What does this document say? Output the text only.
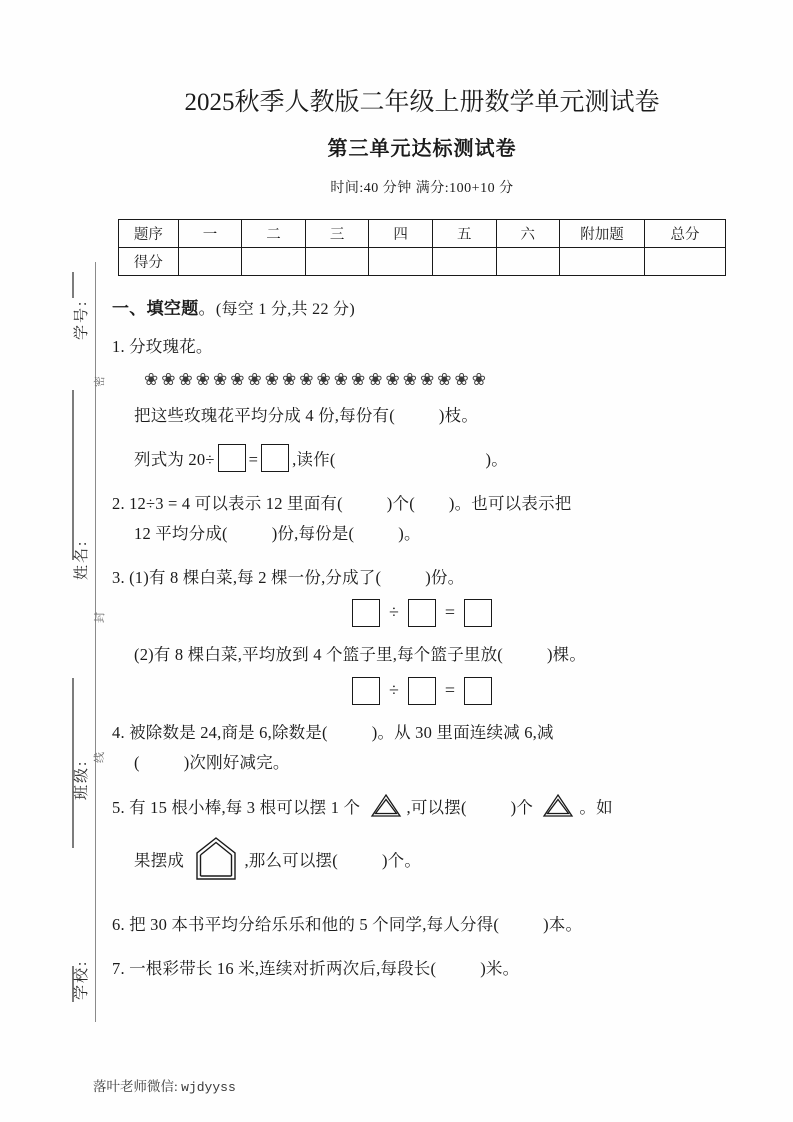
学号:
姓名:
班级:
学校:
密
封
线
2025秋季人教版二年级上册数学单元测试卷
第三单元达标测试卷
时间:40 分钟 满分:100+10 分
题序	一	二	三	四	五	六	附加题	总分
得分								
一、填空题。(每空 1 分,共 22 分)
1. 分玫瑰花。
❀ ❀ ❀ ❀ ❀ ❀ ❀ ❀ ❀ ❀ ❀ ❀ ❀ ❀ ❀ ❀ ❀ ❀ ❀ ❀
把这些玫瑰花平均分成 4 份,每份有(	)枝。
列式为 20÷ = ,读作(	)。
2. 12÷3 = 4 可以表示 12 里面有(	)个( )。也可以表示把
12 平均分成(	)份,每份是(	)。
3. (1)有 8 棵白菜,每 2 棵一份,分成了(	)份。
÷	=
(2)有 8 棵白菜,平均放到 4 个篮子里,每个篮子里放(	)棵。
÷	=
4. 被除数是 24,商是 6,除数是(	)。从 30 里面连续减 6,减
(	)次刚好减完。
5. 有 15 根小棒,每 3 根可以摆 1 个	,可以摆(	)个	。如
果摆成	,那么可以摆(	)个。
6. 把 30 本书平均分给乐乐和他的 5 个同学,每人分得(	)本。
7. 一根彩带长 16 米,连续对折两次后,每段长(	)米。
落叶老师微信: wjdyyss
